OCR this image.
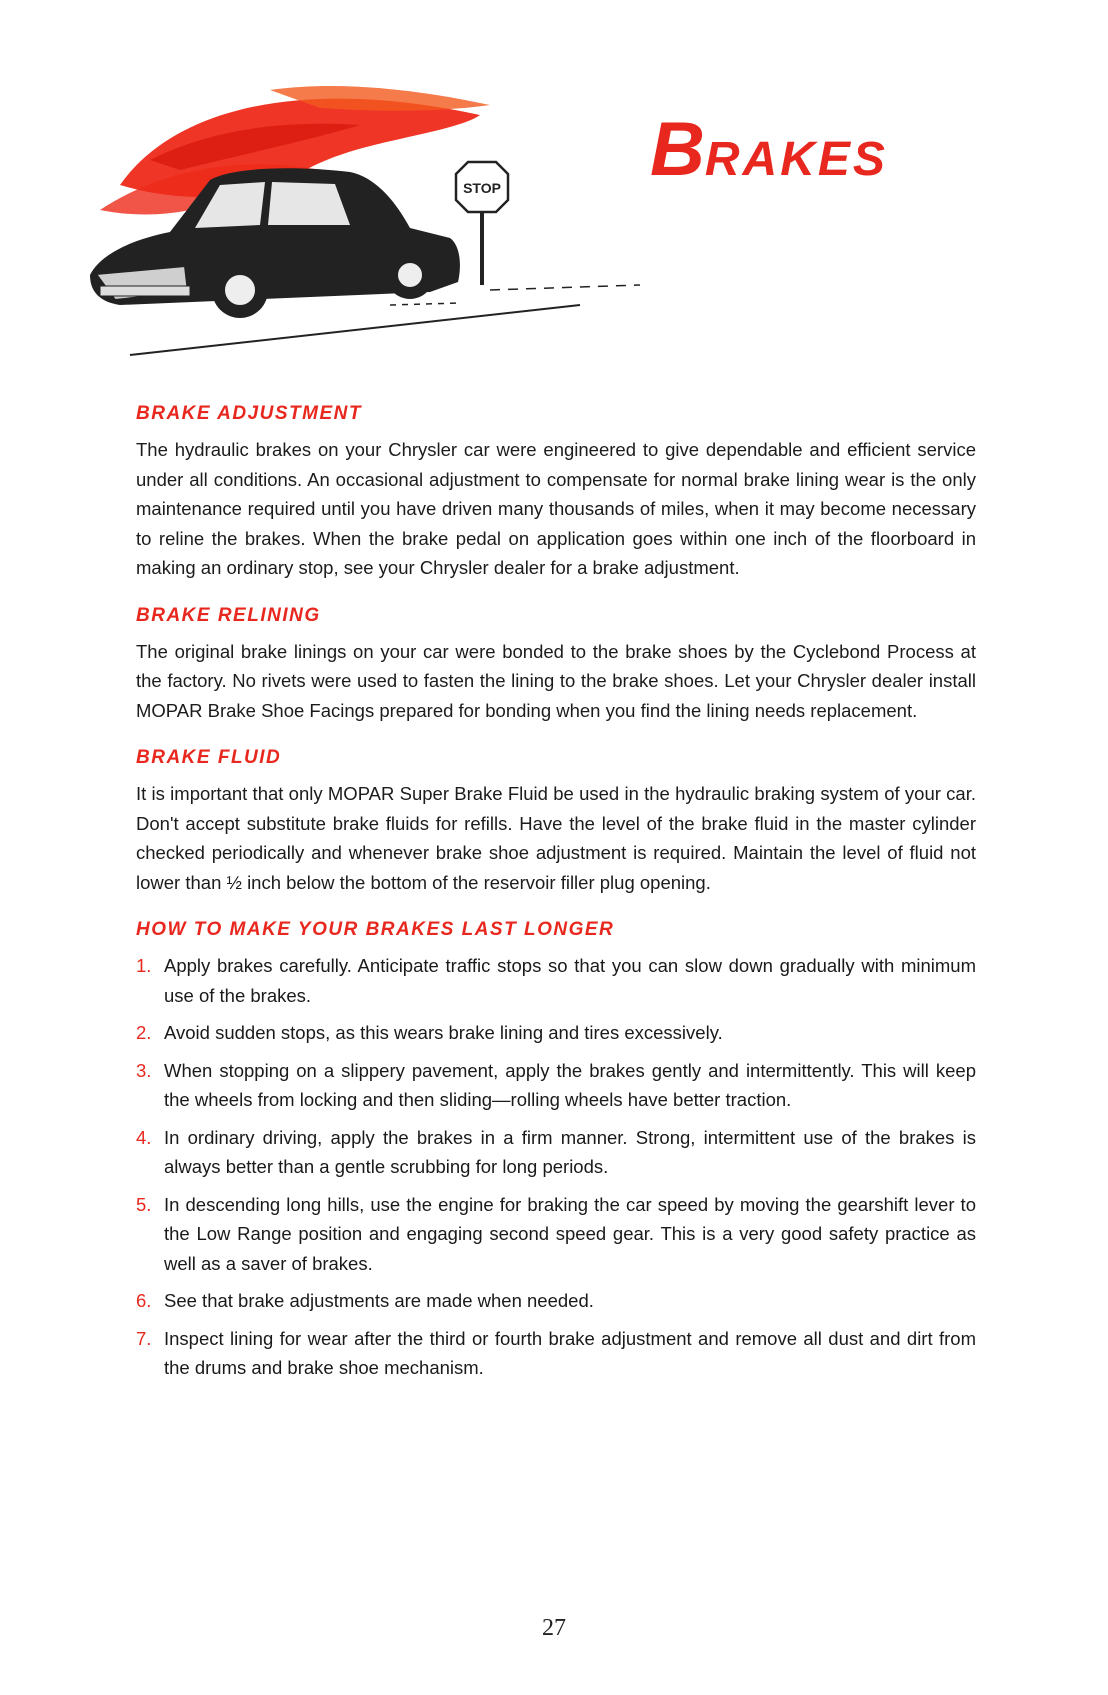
STOP BRAKES
BRAKE ADJUSTMENT

The hydraulic brakes on your Chrysler car were engineered to give dependable and efficient service under all conditions. An occasional adjustment to compensate for normal brake lining wear is the only maintenance required until you have driven many thousands of miles, when it may become necessary to reline the brakes. When the brake pedal on application goes within one inch of the floorboard in making an ordinary stop, see your Chrysler dealer for a brake adjustment.

BRAKE RELINING

The original brake linings on your car were bonded to the brake shoes by the Cyclebond Process at the factory. No rivets were used to fasten the lining to the brake shoes. Let your Chrysler dealer install MOPAR Brake Shoe Facings prepared for bonding when you find the lining needs replacement.

BRAKE FLUID

It is important that only MOPAR Super Brake Fluid be used in the hydraulic braking system of your car. Don't accept substitute brake fluids for refills. Have the level of the brake fluid in the master cylinder checked periodically and whenever brake shoe adjustment is required. Maintain the level of fluid not lower than ½ inch below the bottom of the reservoir filler plug opening.

HOW TO MAKE YOUR BRAKES LAST LONGER
1. Apply brakes carefully. Anticipate traffic stops so that you can slow down gradually with minimum use of the brakes.
2. Avoid sudden stops, as this wears brake lining and tires excessively.
3. When stopping on a slippery pavement, apply the brakes gently and intermittently. This will keep the wheels from locking and then sliding—rolling wheels have better traction.
4. In ordinary driving, apply the brakes in a firm manner. Strong, intermittent use of the brakes is always better than a gentle scrubbing for long periods.
5. In descending long hills, use the engine for braking the car speed by moving the gearshift lever to the Low Range position and engaging second speed gear. This is a very good safety practice as well as a saver of brakes.
6. See that brake adjustments are made when needed.
7. Inspect lining for wear after the third or fourth brake adjustment and remove all dust and dirt from the drums and brake shoe mechanism.
27
